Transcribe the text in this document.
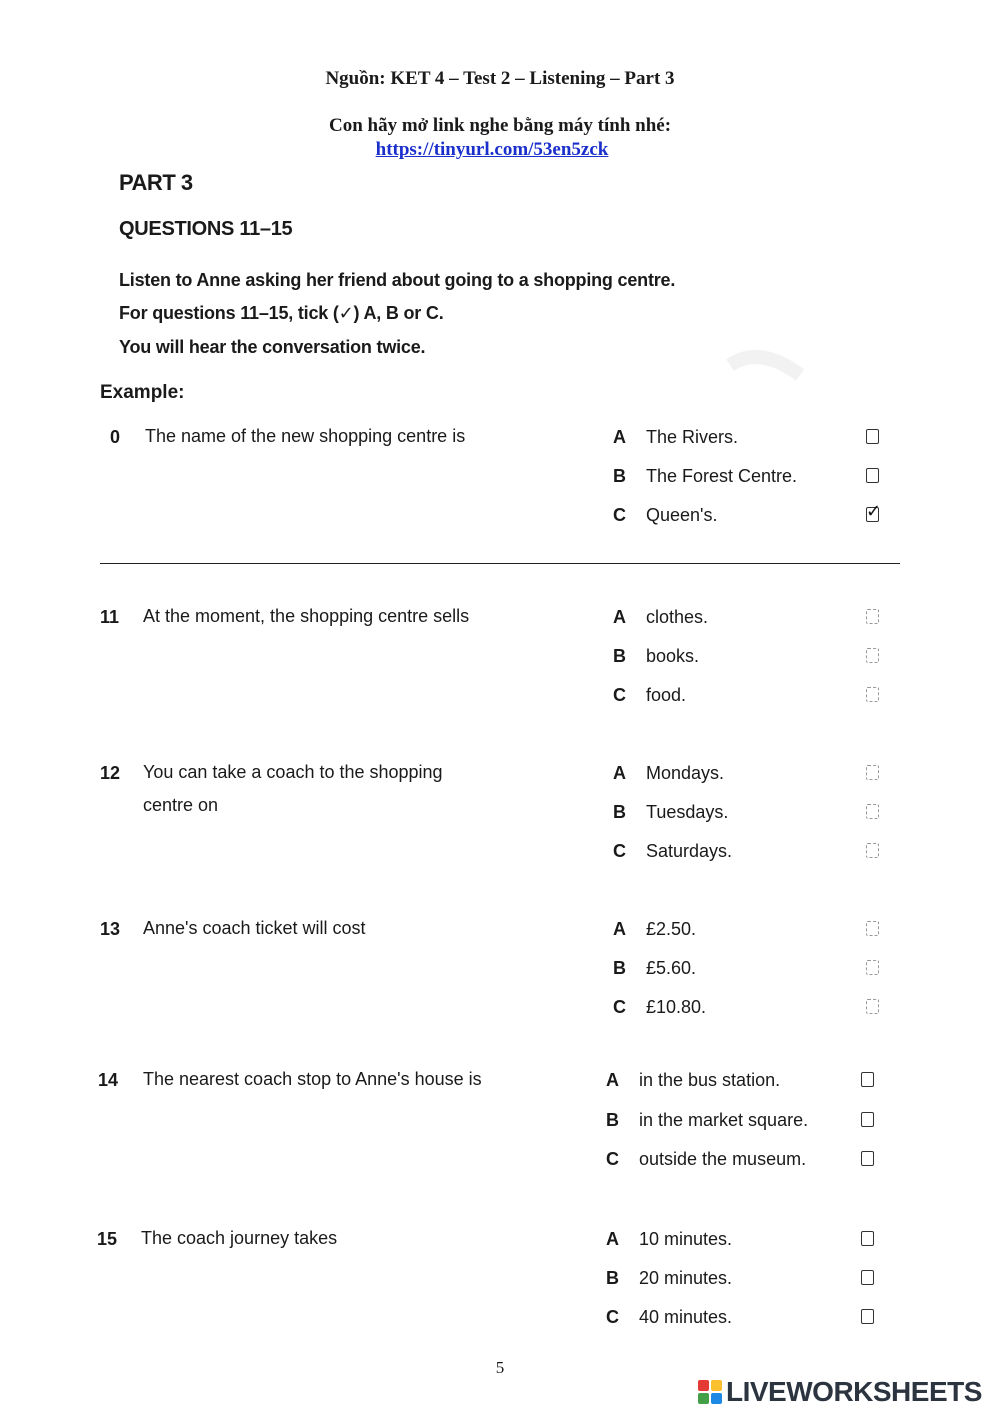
Nguồn: KET 4 – Test 2 – Listening – Part 3
Con hãy mở link nghe bằng máy tính nhé:
https://tinyurl.com/53en5zck
PART 3
QUESTIONS 11–15
Listen to Anne asking her friend about going to a shopping centre.
For questions 11–15, tick (✓) A, B or C.
You will hear the conversation twice.
Example:
0 The name of the new shopping centre is	A The Rivers.
B The Forest Centre.
C Queen's.	✓
11 At the moment, the shopping centre sells	A clothes.
B books.
C food.
12 You can take a coach to the shopping centre on
A Mondays.
B Tuesdays.
C Saturdays.
13 Anne's coach ticket will cost	A £2.50.
B £5.60.
C £10.80.
14 The nearest coach stop to Anne's house is	A in the bus station.
B in the market square.
C outside the museum.
15 The coach journey takes	A 10 minutes.
B 20 minutes.
C 40 minutes.
5
LIVEWORKSHEETS
